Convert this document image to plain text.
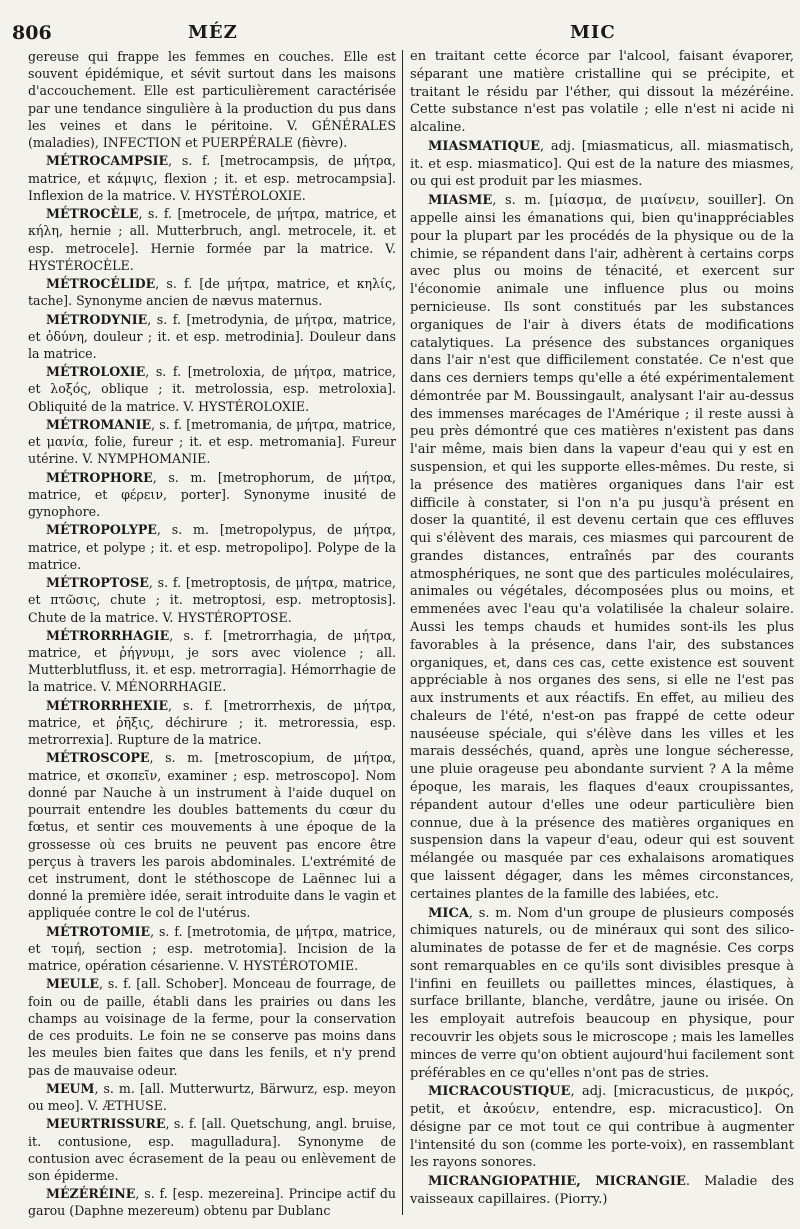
806	MÉZ	MIC

gereuse qui frappe les femmes en couches. Elle est souvent épidémique, et sévit surtout dans les maisons d'accouchement. Elle est particulièrement caractérisée par une tendance singulière à la production du pus dans les veines et dans le péritoine. V. GÉNÉRALES (maladies), INFECTION et PUERPÉRALE (fièvre).

MÉTROCAMPSIE, s. f. [metrocampsis, de μήτρα, matrice, et κάμψις, flexion ; it. et esp. metrocampsia]. Inflexion de la matrice. V. HYSTÉROLOXIE.

MÉTROCÈLE, s. f. [metrocele, de μήτρα, matrice, et κήλη, hernie ; all. Mutterbruch, angl. metrocele, it. et esp. metrocele]. Hernie formée par la matrice. V. HYSTÉROCÈLE.

MÉTROCÉLIDE, s. f. [de μήτρα, matrice, et κηλίς, tache]. Synonyme ancien de nævus maternus.

MÉTRODYNIE, s. f. [metrodynia, de μήτρα, matrice, et ὀδύνη, douleur ; it. et esp. metrodinia]. Douleur dans la matrice.

MÉTROLOXIE, s. f. [metroloxia, de μήτρα, matrice, et λοξός, oblique ; it. metrolossia, esp. metroloxia]. Obliquité de la matrice. V. HYSTÉROLOXIE.

MÉTROMANIE, s. f. [metromania, de μήτρα, matrice, et μανία, folie, fureur ; it. et esp. metromania]. Fureur utérine. V. NYMPHOMANIE.

MÉTROPHORE, s. m. [metrophorum, de μήτρα, matrice, et φέρειν, porter]. Synonyme inusité de gynophore.

MÉTROPOLYPE, s. m. [metropolypus, de μήτρα, matrice, et polype ; it. et esp. metropolipo]. Polype de la matrice.

MÉTROPTOSE, s. f. [metroptosis, de μήτρα, matrice, et πτῶσις, chute ; it. metroptosi, esp. metroptosis]. Chute de la matrice. V. HYSTÉROPTOSE.

MÉTRORRHAGIE, s. f. [metrorrhagia, de μήτρα, matrice, et ῥήγνυμι, je sors avec violence ; all. Mutterblutfluss, it. et esp. metrorragia]. Hémorrhagie de la matrice. V. MÉNORRHAGIE.

MÉTRORRHEXIE, s. f. [metrorrhexis, de μήτρα, matrice, et ῥῆξις, déchirure ; it. metroressia, esp. metrorrexia]. Rupture de la matrice.

MÉTROSCOPE, s. m. [metroscopium, de μήτρα, matrice, et σκοπεῖν, examiner ; esp. metroscopo]. Nom donné par Nauche à un instrument à l'aide duquel on pourrait entendre les doubles battements du cœur du fœtus, et sentir ces mouvements à une époque de la grossesse où ces bruits ne peuvent pas encore être perçus à travers les parois abdominales. L'extrémité de cet instrument, dont le stéthoscope de Laënnec lui a donné la première idée, serait introduite dans le vagin et appliquée contre le col de l'utérus.

MÉTROTOMIE, s. f. [metrotomia, de μήτρα, matrice, et τομή, section ; esp. metrotomia]. Incision de la matrice, opération césarienne. V. HYSTÉROTOMIE.

MEULE, s. f. [all. Schober]. Monceau de fourrage, de foin ou de paille, établi dans les prairies ou dans les champs au voisinage de la ferme, pour la conservation de ces produits. Le foin ne se conserve pas moins dans les meules bien faites que dans les fenils, et n'y prend pas de mauvaise odeur.

MEUM, s. m. [all. Mutterwurtz, Bärwurz, esp. meyon ou meo]. V. ÆTHUSE.

MEURTRISSURE, s. f. [all. Quetschung, angl. bruise, it. contusione, esp. magulladura]. Synonyme de contusion avec écrasement de la peau ou enlèvement de son épiderme.

MÉZÉRÉINE, s. f. [esp. mezereina]. Principe actif du garou (Daphne mezereum) obtenu par Dublanc

en traitant cette écorce par l'alcool, faisant évaporer, séparant une matière cristalline qui se précipite, et traitant le résidu par l'éther, qui dissout la mézéréine. Cette substance n'est pas volatile ; elle n'est ni acide ni alcaline.

MIASMATIQUE, adj. [miasmaticus, all. miasmatisch, it. et esp. miasmatico]. Qui est de la nature des miasmes, ou qui est produit par les miasmes.

MIASME, s. m. [μίασμα, de μιαίνειν, souiller]. On appelle ainsi les émanations qui, bien qu'inappréciables pour la plupart par les procédés de la physique ou de la chimie, se répandent dans l'air, adhèrent à certains corps avec plus ou moins de ténacité, et exercent sur l'économie animale une influence plus ou moins pernicieuse. Ils sont constitués par les substances organiques de l'air à divers états de modifications catalytiques. La présence des substances organiques dans l'air n'est que difficilement constatée. Ce n'est que dans ces derniers temps qu'elle a été expérimentalement démontrée par M. Boussingault, analysant l'air au-dessus des immenses marécages de l'Amérique ; il reste aussi à peu près démontré que ces matières n'existent pas dans l'air même, mais bien dans la vapeur d'eau qui y est en suspension, et qui les supporte elles-mêmes. Du reste, si la présence des matières organiques dans l'air est difficile à constater, si l'on n'a pu jusqu'à présent en doser la quantité, il est devenu certain que ces effluves qui s'élèvent des marais, ces miasmes qui parcourent de grandes distances, entraînés par des courants atmosphériques, ne sont que des particules moléculaires, animales ou végétales, décomposées plus ou moins, et emmenées avec l'eau qu'a volatilisée la chaleur solaire. Aussi les temps chauds et humides sont-ils les plus favorables à la présence, dans l'air, des substances organiques, et, dans ces cas, cette existence est souvent appréciable à nos organes des sens, si elle ne l'est pas aux instruments et aux réactifs. En effet, au milieu des chaleurs de l'été, n'est-on pas frappé de cette odeur nauséeuse spéciale, qui s'élève dans les villes et les marais desséchés, quand, après une longue sécheresse, une pluie orageuse peu abondante survient ? A la même époque, les marais, les flaques d'eaux croupissantes, répandent autour d'elles une odeur particulière bien connue, due à la présence des matières organiques en suspension dans la vapeur d'eau, odeur qui est souvent mélangée ou masquée par ces exhalaisons aromatiques que laissent dégager, dans les mêmes circonstances, certaines plantes de la famille des labiées, etc.

MICA, s. m. Nom d'un groupe de plusieurs composés chimiques naturels, ou de minéraux qui sont des silico-aluminates de potasse de fer et de magnésie. Ces corps sont remarquables en ce qu'ils sont divisibles presque à l'infini en feuillets ou paillettes minces, élastiques, à surface brillante, blanche, verdâtre, jaune ou irisée. On les employait autrefois beaucoup en physique, pour recouvrir les objets sous le microscope ; mais les lamelles minces de verre qu'on obtient aujourd'hui facilement sont préférables en ce qu'elles n'ont pas de stries.

MICRACOUSTIQUE, adj. [micracusticus, de μικρός, petit, et ἀκούειν, entendre, esp. micracustico]. On désigne par ce mot tout ce qui contribue à augmenter l'intensité du son (comme les porte-voix), en rassemblant les rayons sonores.

MICRANGIOPATHIE, MICRANGIE. Maladie des vaisseaux capillaires. (Piorry.)
